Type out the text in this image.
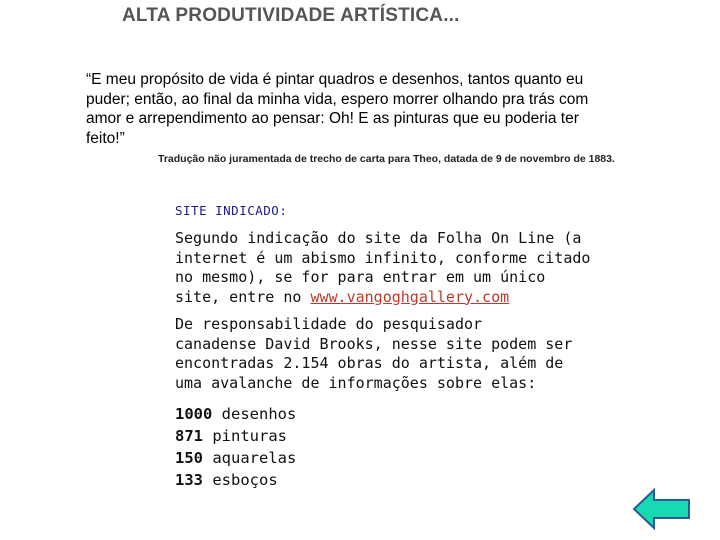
ALTA PRODUTIVIDADE ARTÍSTICA...
“E meu propósito de vida é pintar quadros e desenhos, tantos quanto eu
puder; então, ao final da minha vida, espero morrer olhando pra trás com
amor e arrependimento ao pensar: Oh! E as pinturas que eu poderia ter
feito!”
Tradução não juramentada de trecho de carta para Theo, datada de 9 de novembro de 1883.
SITE INDICADO:
Segundo indicação do site da Folha On Line (a
internet é um abismo infinito, conforme citado
no mesmo), se for para entrar em um único
site, entre no www.vangoghgallery.com
De responsabilidade do pesquisador
canadense David Brooks, nesse site podem ser
encontradas 2.154 obras do artista, além de
uma avalanche de informações sobre elas:
1000 desenhos
871 pinturas
150 aquarelas
133 esboços
